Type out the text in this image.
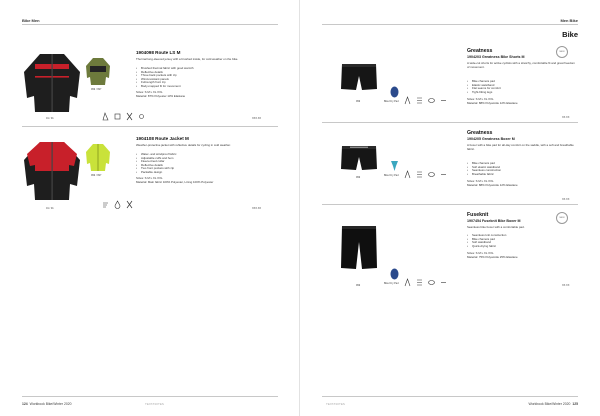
Bike Men
999 / 997
01 / 01
1904098 Route LS M
Thermal long-sleeved jersey with a brushed inside, for cold weather on the bike.
• Brushed thermal fabric with good warmth
• Reflective details
• Three back pockets with zip
• Wind-resistant panels
• Full-length front zip
• Body-mapped fit for movement
Sizes: S M L XL XXL
Material: 87% Polyester 13% Elastane
XXX.XX
999 / 997
01 / 01
1904108 Route Jacket M
Weather-protective jacket with reflective details for cycling in cold weather.
• Water- and windproof fabric
• Adjustable cuffs and hem
• Fleece-lined collar
• Reflective details
• Two front pockets with zip
• Packable design
Sizes: S M L XL XXL
Material: Main fabric 100% Polyester, Lining 100% Polyester
XXX.XX
124 Workbook Bike/Winter 2020	TEXT/NOTES
Men Bike
Bike
999	Bike Dry Pad
Greatness
1904203 Greatness Bike Shorts M
NEW
A wide-cut shorts for active cyclists with a stretchy, comfortable fit and great freedom of movement.
• Bike chamois pad
• Elastic waistband
• Flat seams for comfort
• Tight-fitting legs
Sizes: S M L XL XXL
Material: 88% Polyamide 12% Elastane
XX.XX
999
Bike Dry Pad
Greatness
1904205 Greatness Boxer M
A boxer with a bike pad for all-day comfort on the saddle, with a soft and breathable fabric.
• Bike chamois pad
• Soft elastic waistband
• Seamless construction
• Breathable fabric
Sizes: S M L XL XXL
Material: 88% Polyamide 12% Elastane
XX.XX
999
Bike Dry Pad
Fuseknit
1907454 Fuseknit Bike Boxer M
NEW
Seamless bike boxer with a comfortable pad.
• Seamless knit construction
• Bike chamois pad
• Soft waistband
• Quick-drying fabric
Sizes: S M L XL XXL
Material: 75% Polyamide 25% Elastane
XX.XX
TEXT/NOTES	Workbook Bike/Winter 2020 125
